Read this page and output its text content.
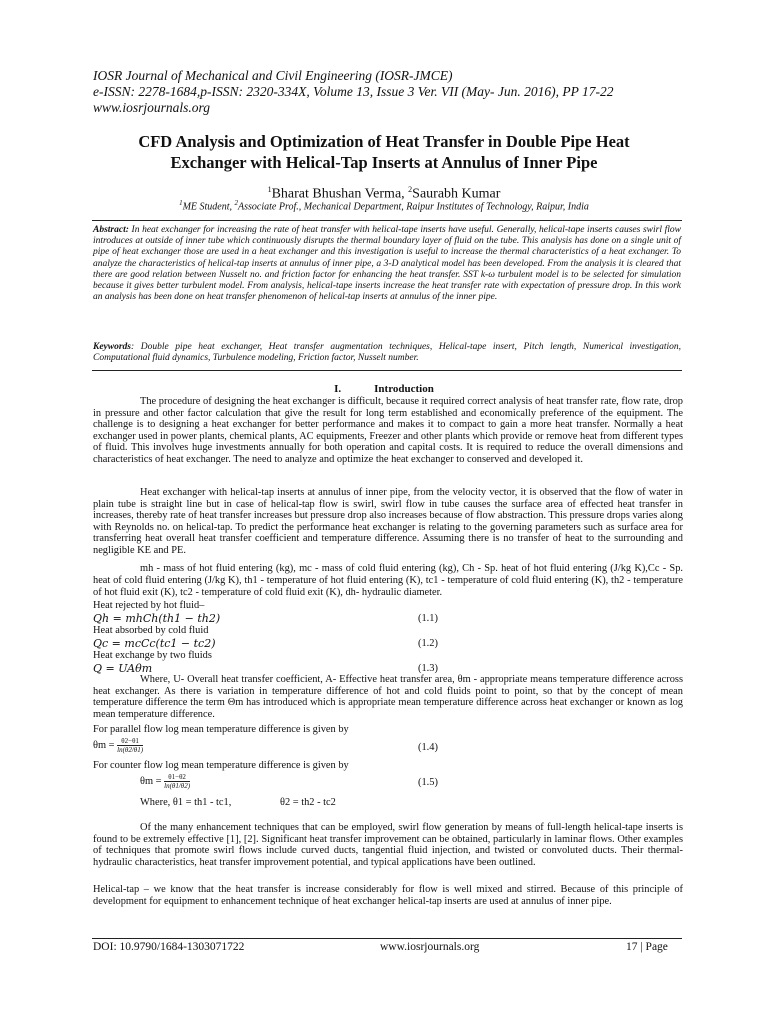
IOSR Journal of Mechanical and Civil Engineering (IOSR-JMCE)
e-ISSN: 2278-1684,p-ISSN: 2320-334X, Volume 13, Issue 3 Ver. VII (May- Jun. 2016), PP 17-22
www.iosrjournals.org
CFD Analysis and Optimization of Heat Transfer in Double Pipe Heat
Exchanger with Helical-Tap Inserts at Annulus of Inner Pipe
$^1$Bharat Bhushan Verma, $^2$Saurabh Kumar
$^1$ME Student, $^2$Associate Prof., Mechanical Department, Raipur Institutes of Technology, Raipur, India
Abstract: In heat exchanger for increasing the rate of heat transfer with helical-tape inserts have useful. Generally, helical-tape inserts causes swirl flow introduces at outside of inner tube which continuously disrupts the thermal boundary layer of fluid on the tube. This analysis has done on a single unit of pipe of heat exchanger those are used in a heat exchanger and this investigation is useful to increase the thermal characteristics of a heat exchanger. To analyze the characteristics of helical-tap inserts at annulus of inner pipe, a 3-D analytical model has been developed. From the analysis it is cleared that there are good relation between Nusselt no. and friction factor for enhancing the heat transfer. SST k-ω turbulent model is to be selected for simulation because it gives better turbulent model. From analysis, helical-tape inserts increase the heat transfer rate with expectation of pressure drop. In this work an analysis has been done on heat transfer phenomenon of helical-tap inserts at annulus of the inner pipe.
Keywords: Double pipe heat exchanger, Heat transfer augmentation techniques, Helical-tape insert, Pitch length, Numerical investigation, Computational fluid dynamics, Turbulence modeling, Friction factor, Nusselt number.
I.	Introduction
The procedure of designing the heat exchanger is difficult, because it required correct analysis of heat transfer rate, flow rate, drop in pressure and other factor calculation that give the result for long term established and economically preference of the equipment. The challenge is to designing a heat exchanger for better performance and makes it to compact to gain a more heat transfer. Normally a heat exchanger used in power plants, chemical plants, AC equipments, Freezer and other plants which provide or remove heat from different types of fluid. This involves huge investments annually for both operation and capital costs. It is required to reduce the overall dimensions and characteristics of heat exchanger. The need to analyze and optimize the heat exchanger to conserved and developed it.
Heat exchanger with helical-tap inserts at annulus of inner pipe, from the velocity vector, it is observed that the flow of water in plain tube is straight line but in case of helical-tap flow is swirl, swirl flow in tube causes the surface area of effected heat transfer in increases, thereby rate of heat transfer increases but pressure drop also increases because of flow abstraction. This pressure drops varies along with Reynolds no. on helical-tap. To predict the performance heat exchanger is relating to the governing parameters such as surface area for transferring heat overall heat transfer coefficient and temperature difference. Assuming there is no transfer of heat to the surrounding and negligible KE and PE.
mh - mass of hot fluid entering (kg), mc - mass of cold fluid entering (kg), Ch - Sp. heat of hot fluid entering (J/kg K),Cc - Sp. heat of cold fluid entering (J/kg K), th1 - temperature of hot fluid entering (K), tc1 - temperature of cold fluid entering (K), th2 - temperature of hot fluid exit (K), tc2 - temperature of cold fluid exit (K), dh- hydraulic diameter.
Heat rejected by hot fluid–
Qh = mhCh(th1 − th2)	(1.1)
Heat absorbed by cold fluid
Qc = mcCc(tc1 − tc2)	(1.2)
Heat exchange by two fluids
Q = UAθm	(1.3)
Where, U- Overall heat transfer coefficient, A- Effective heat transfer area, θm - appropriate means temperature difference across heat exchanger. As there is variation in temperature difference of hot and cold fluids point to point, so that by the concept of mean temperature difference the term Θm has introduced which is appropriate mean temperature difference across heat exchanger or known as log mean temperature difference.
For parallel flow log mean temperature difference is given by
$\theta m = \frac{\theta 2-\theta 1}{\ln(\theta 2/\theta 1)}$	(1.4)
For counter flow log mean temperature difference is given by
$\theta m = \frac{\theta 1-\theta 2}{\ln(\theta 1/\theta 2)}$	(1.5)
Where, θ1 = th1 - tc1,	θ2 = th2 - tc2
Of the many enhancement techniques that can be employed, swirl flow generation by means of full-length helical-tape inserts is found to be extremely effective [1], [2]. Significant heat transfer improvement can be obtained, particularly in laminar flows. Other examples of techniques that promote swirl flows include curved ducts, tangential fluid injection, and twisted or convoluted ducts. Their thermal-hydraulic characteristics, heat transfer improvement potential, and typical applications have been outlined.
Helical-tap – we know that the heat transfer is increase considerably for flow is well mixed and stirred. Because of this principle of development for equipment to enhancement technique of heat exchanger helical-tap inserts are used at annulus of inner pipe.
DOI: 10.9790/1684-1303071722	www.iosrjournals.org	17 | Page
